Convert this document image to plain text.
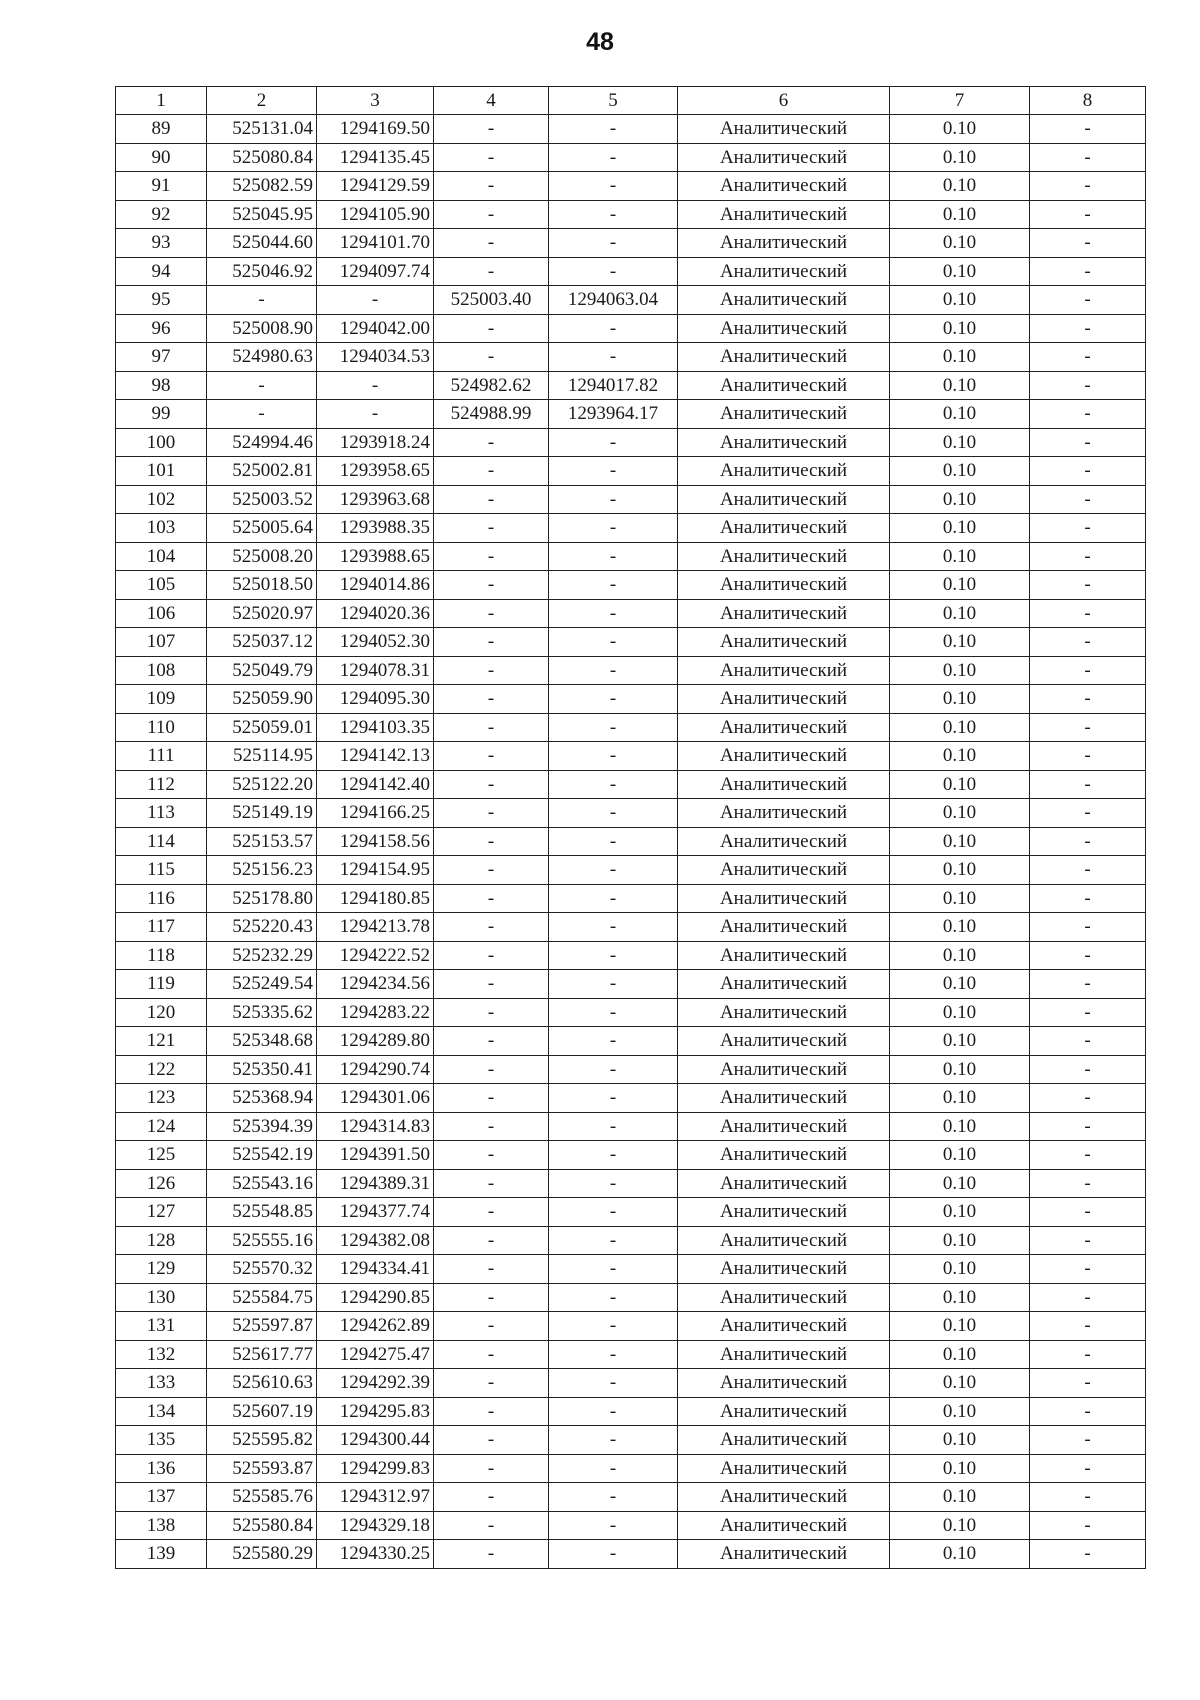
48
1	2	3	4	5	6	7	8
89	525131.04	1294169.50	-	-	Аналитический	0.10	-
90	525080.84	1294135.45	-	-	Аналитический	0.10	-
91	525082.59	1294129.59	-	-	Аналитический	0.10	-
92	525045.95	1294105.90	-	-	Аналитический	0.10	-
93	525044.60	1294101.70	-	-	Аналитический	0.10	-
94	525046.92	1294097.74	-	-	Аналитический	0.10	-
95	-	-	525003.40	1294063.04	Аналитический	0.10	-
96	525008.90	1294042.00	-	-	Аналитический	0.10	-
97	524980.63	1294034.53	-	-	Аналитический	0.10	-
98	-	-	524982.62	1294017.82	Аналитический	0.10	-
99	-	-	524988.99	1293964.17	Аналитический	0.10	-
100	524994.46	1293918.24	-	-	Аналитический	0.10	-
101	525002.81	1293958.65	-	-	Аналитический	0.10	-
102	525003.52	1293963.68	-	-	Аналитический	0.10	-
103	525005.64	1293988.35	-	-	Аналитический	0.10	-
104	525008.20	1293988.65	-	-	Аналитический	0.10	-
105	525018.50	1294014.86	-	-	Аналитический	0.10	-
106	525020.97	1294020.36	-	-	Аналитический	0.10	-
107	525037.12	1294052.30	-	-	Аналитический	0.10	-
108	525049.79	1294078.31	-	-	Аналитический	0.10	-
109	525059.90	1294095.30	-	-	Аналитический	0.10	-
110	525059.01	1294103.35	-	-	Аналитический	0.10	-
111	525114.95	1294142.13	-	-	Аналитический	0.10	-
112	525122.20	1294142.40	-	-	Аналитический	0.10	-
113	525149.19	1294166.25	-	-	Аналитический	0.10	-
114	525153.57	1294158.56	-	-	Аналитический	0.10	-
115	525156.23	1294154.95	-	-	Аналитический	0.10	-
116	525178.80	1294180.85	-	-	Аналитический	0.10	-
117	525220.43	1294213.78	-	-	Аналитический	0.10	-
118	525232.29	1294222.52	-	-	Аналитический	0.10	-
119	525249.54	1294234.56	-	-	Аналитический	0.10	-
120	525335.62	1294283.22	-	-	Аналитический	0.10	-
121	525348.68	1294289.80	-	-	Аналитический	0.10	-
122	525350.41	1294290.74	-	-	Аналитический	0.10	-
123	525368.94	1294301.06	-	-	Аналитический	0.10	-
124	525394.39	1294314.83	-	-	Аналитический	0.10	-
125	525542.19	1294391.50	-	-	Аналитический	0.10	-
126	525543.16	1294389.31	-	-	Аналитический	0.10	-
127	525548.85	1294377.74	-	-	Аналитический	0.10	-
128	525555.16	1294382.08	-	-	Аналитический	0.10	-
129	525570.32	1294334.41	-	-	Аналитический	0.10	-
130	525584.75	1294290.85	-	-	Аналитический	0.10	-
131	525597.87	1294262.89	-	-	Аналитический	0.10	-
132	525617.77	1294275.47	-	-	Аналитический	0.10	-
133	525610.63	1294292.39	-	-	Аналитический	0.10	-
134	525607.19	1294295.83	-	-	Аналитический	0.10	-
135	525595.82	1294300.44	-	-	Аналитический	0.10	-
136	525593.87	1294299.83	-	-	Аналитический	0.10	-
137	525585.76	1294312.97	-	-	Аналитический	0.10	-
138	525580.84	1294329.18	-	-	Аналитический	0.10	-
139	525580.29	1294330.25	-	-	Аналитический	0.10	-
